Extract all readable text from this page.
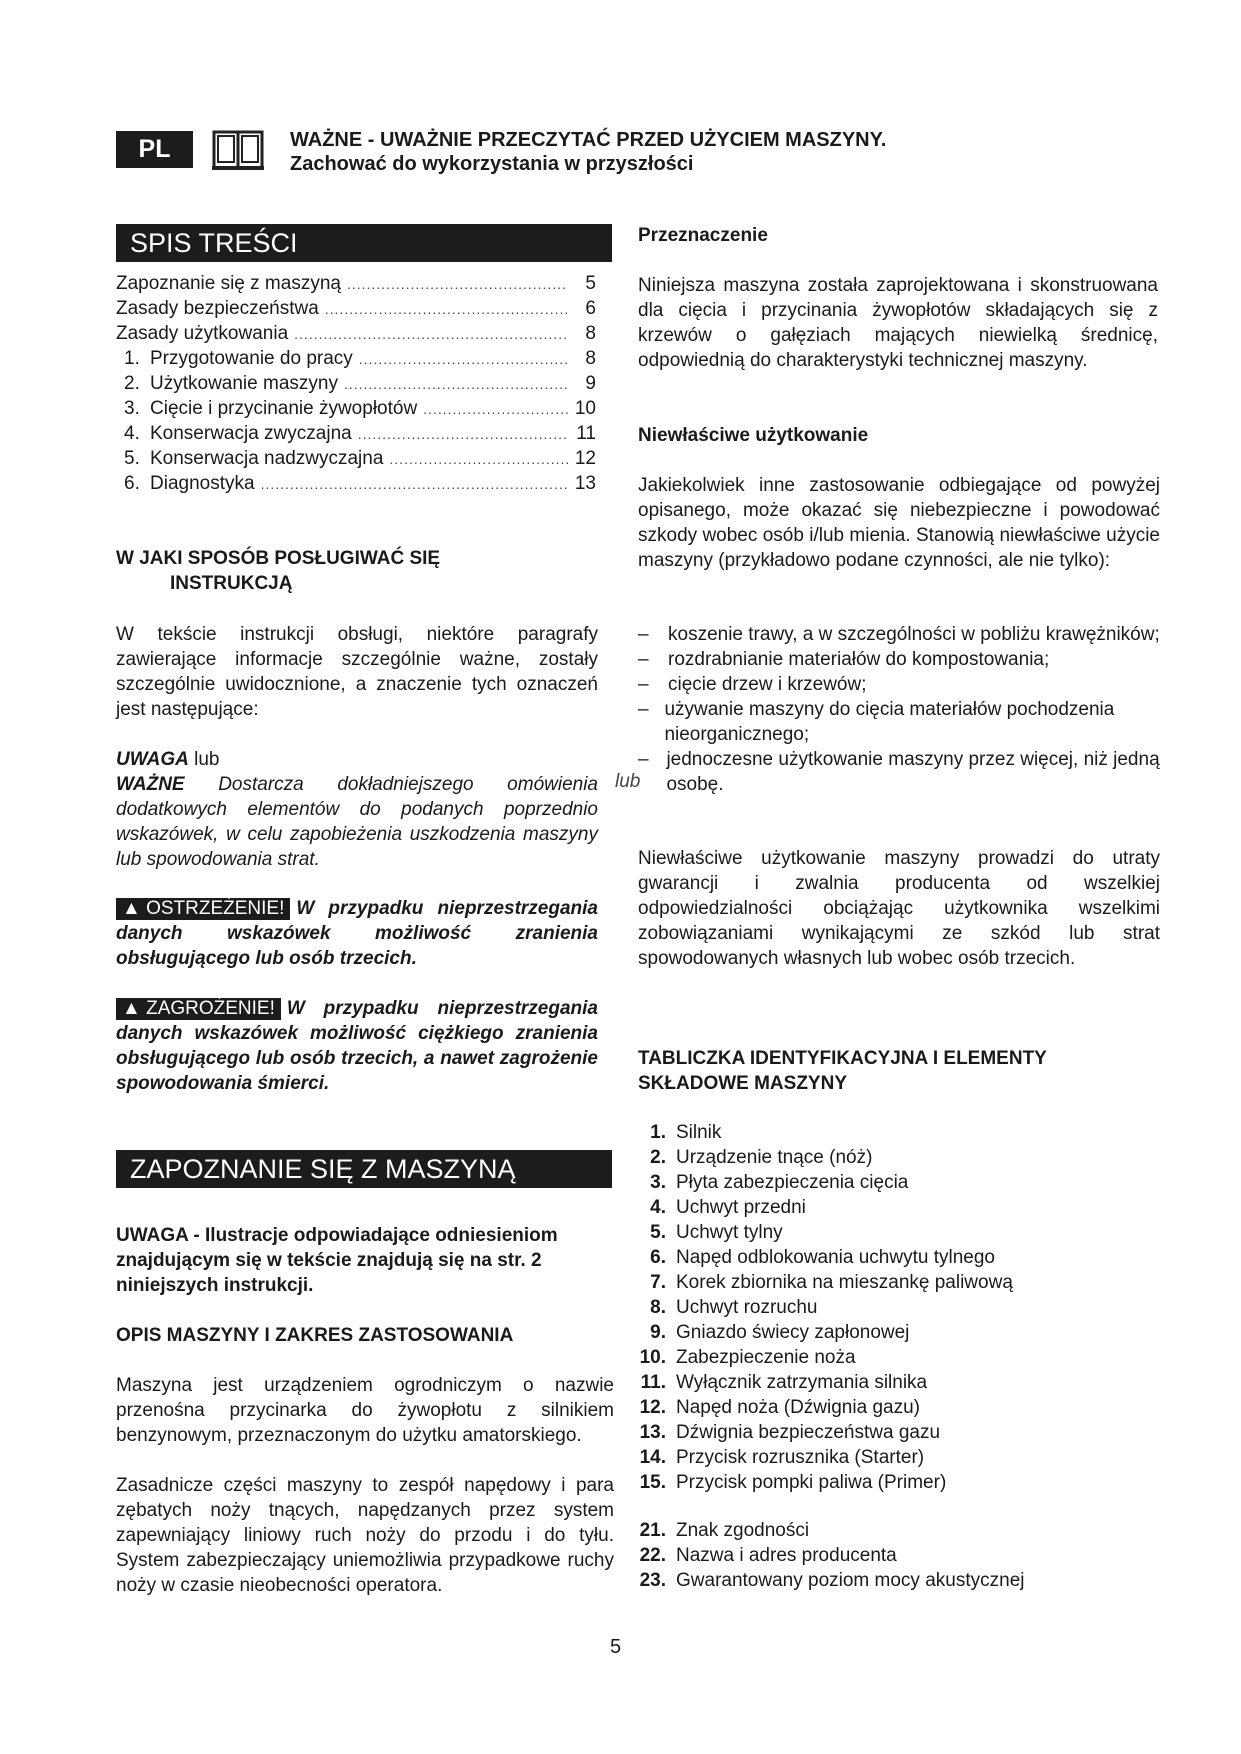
PL	WAŻNE - UWAŻNIE PRZECZYTAĆ PRZED UŻYCIEM MASZYNY.
Zachować do wykorzystania w przyszłości
SPIS TREŚCI
Zapoznanie się z maszyną .....	5
Zasady bezpieczeństwa .....	6
Zasady użytkowania .....	8
1. Przygotowanie do pracy .....	8
2. Użytkowanie maszyny .....	9
3. Cięcie i przycinanie żywopłotów .....	10
4. Konserwacja zwyczajna .....	11
5. Konserwacja nadzwyczajna .....	12
6. Diagnostyka .....	13
W JAKI SPOSÓB POSŁUGIWAĆ SIĘ
INSTRUKCJĄ
W tekście instrukcji obsługi, niektóre paragrafy zawierające informacje szczególnie ważne, zostały szczególnie uwidocznione, a znaczenie tych oznaczeń jest następujące:
UWAGA lub
WAŻNE Dostarcza dokładniejszego omówienia dodatkowych elementów do podanych poprzednio wskazówek, w celu zapobieżenia uszkodzenia maszyny lub spowodowania strat.
▲ OSTRZEŻENIE! W przypadku nieprzestrzegania danych wskazówek możliwość zranienia obsługującego lub osób trzecich.
▲ ZAGROŻENIE! W przypadku nieprzestrzegania danych wskazówek możliwość ciężkiego zranienia obsługującego lub osób trzecich, a nawet zagrożenie spowodowania śmierci.
ZAPOZNANIE SIĘ Z MASZYNĄ
UWAGA - Ilustracje odpowiadające odniesieniom znajdującym się w tekście znajdują się na str. 2 niniejszych instrukcji.
OPIS MASZYNY I ZAKRES ZASTOSOWANIA
Maszyna jest urządzeniem ogrodniczym o nazwie przenośna przycinarka do żywopłotu z silnikiem benzynowym, przeznaczonym do użytku amatorskiego.
Zasadnicze części maszyny to zespół napędowy i para zębatych noży tnących, napędzanych przez system zapewniający liniowy ruch noży do przodu i do tyłu. System zabezpieczający uniemożliwia przypadkowe ruchy noży w czasie nieobecności operatora.
Przeznaczenie
Niniejsza maszyna została zaprojektowana i skonstruowana dla cięcia i przycinania żywopłotów składających się z krzewów o gałęziach mających niewielką średnicę, odpowiednią do charakterystyki technicznej maszyny.
Niewłaściwe użytkowanie
Jakiekolwiek inne zastosowanie odbiegające od powyżej opisanego, może okazać się niebezpieczne i powodować szkody wobec osób i/lub mienia. Stanowią niewłaściwe użycie maszyny (przykładowo podane czynności, ale nie tylko):
–	koszenie trawy, a w szczególności w pobliżu krawężników;
–	rozdrabnianie materiałów do kompostowania;
–	cięcie drzew i krzewów;
– używanie maszyny do cięcia materiałów pochodzenia nieorganicznego;
– jednoczesne użytkowanie maszyny przez więcej, niż jedną osobę.
lub
Niewłaściwe użytkowanie maszyny prowadzi do utraty gwarancji i zwalnia producenta od wszelkiej odpowiedzialności obciążając użytkownika wszelkimi zobowiązaniami wynikającymi ze szkód lub strat spowodowanych własnych lub wobec osób trzecich.
TABLICZKA IDENTYFIKACYJNA I ELEMENTY SKŁADOWE MASZYNY
1. Silnik
2. Urządzenie tnące (nóż)
3. Płyta zabezpieczenia cięcia
4. Uchwyt przedni
5. Uchwyt tylny
6. Napęd odblokowania uchwytu tylnego
7. Korek zbiornika na mieszankę paliwową
8. Uchwyt rozruchu
9. Gniazdo świecy zapłonowej
10. Zabezpieczenie noża
11. Wyłącznik zatrzymania silnika
12. Napęd noża (Dźwignia gazu)
13. Dźwignia bezpieczeństwa gazu
14. Przycisk rozrusznika (Starter)
15. Przycisk pompki paliwa (Primer)
21. Znak zgodności
22. Nazwa i adres producenta
23. Gwarantowany poziom mocy akustycznej
5
